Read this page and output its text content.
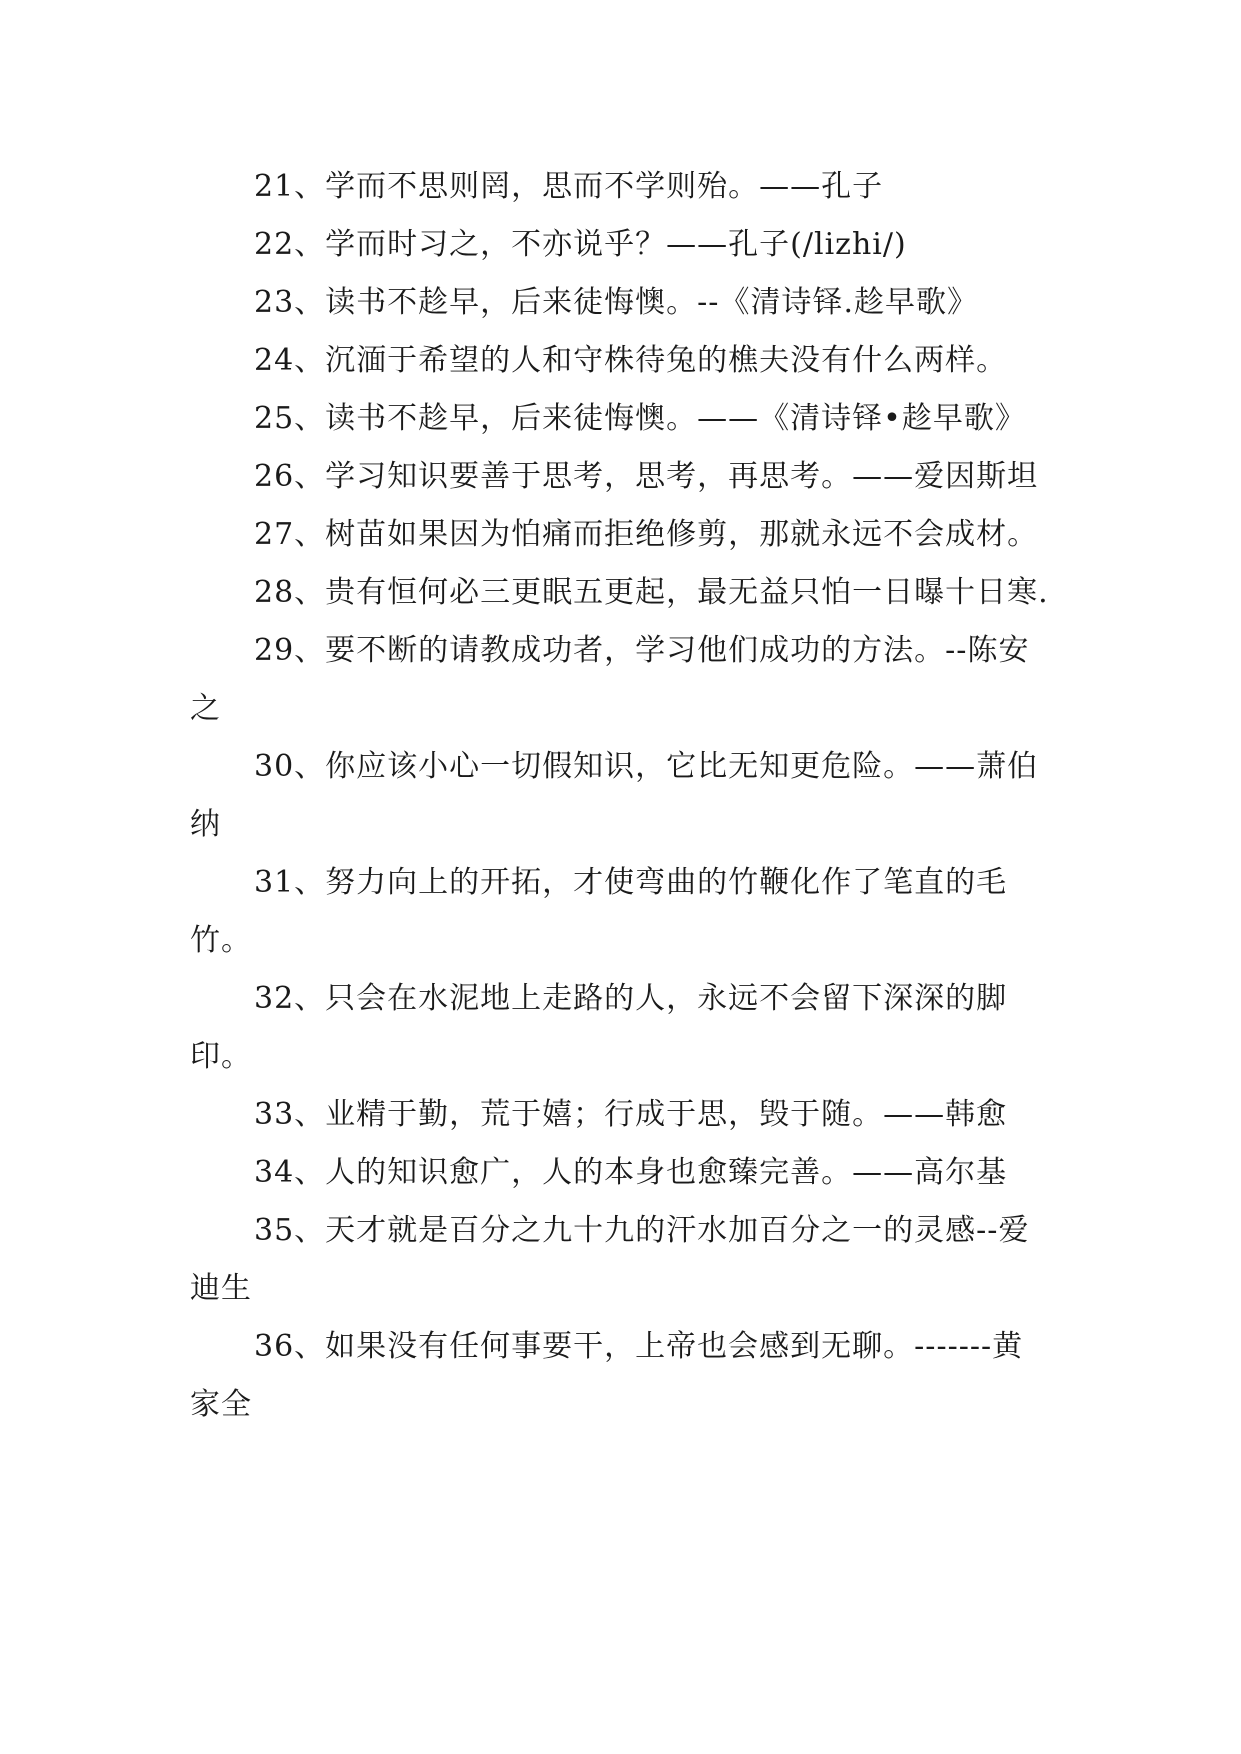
21、学而不思则罔，思而不学则殆。——孔子

22、学而时习之，不亦说乎？——孔子(/lizhi/)

23、读书不趁早，后来徒悔懊。--《清诗铎.趁早歌》

24、沉湎于希望的人和守株待兔的樵夫没有什么两样。

25、读书不趁早，后来徒悔懊。——《清诗铎•趁早歌》

26、学习知识要善于思考，思考，再思考。——爱因斯坦

27、树苗如果因为怕痛而拒绝修剪，那就永远不会成材。

28、贵有恒何必三更眠五更起，最无益只怕一日曝十日寒.

29、要不断的请教成功者，学习他们成功的方法。--陈安之

30、你应该小心一切假知识，它比无知更危险。——萧伯纳

31、努力向上的开拓，才使弯曲的竹鞭化作了笔直的毛竹。

32、只会在水泥地上走路的人，永远不会留下深深的脚印。

33、业精于勤，荒于嬉；行成于思，毁于随。——韩愈

34、人的知识愈广，人的本身也愈臻完善。——高尔基

35、天才就是百分之九十九的汗水加百分之一的灵感--爱迪生

36、如果没有任何事要干，上帝也会感到无聊。-------黄家全
